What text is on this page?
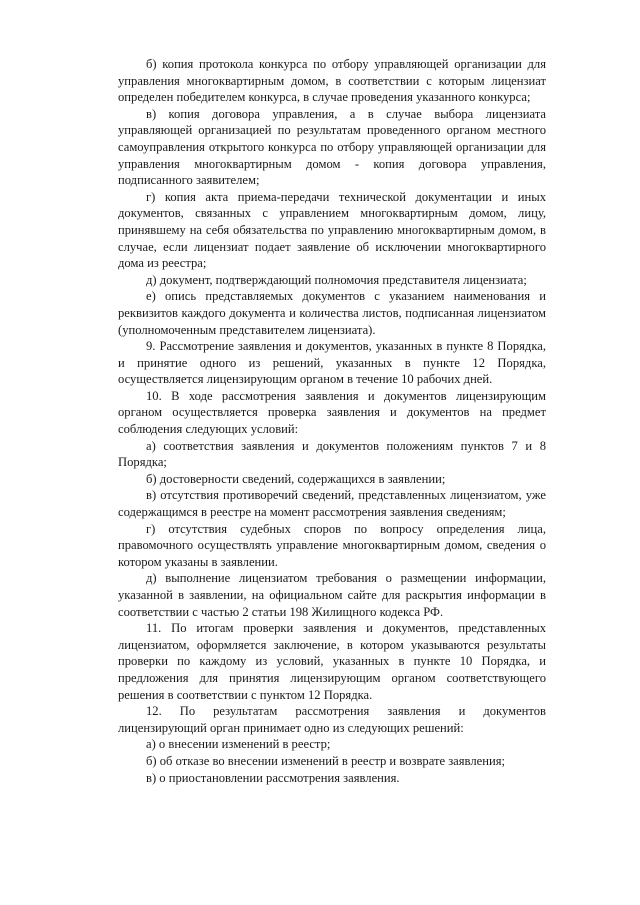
б) копия протокола конкурса по отбору управляющей организации для управления многоквартирным домом, в соответствии с которым лицензиат определен победителем конкурса, в случае проведения указанного конкурса;

в) копия договора управления, а в случае выбора лицензиата управляющей организацией по результатам проведенного органом местного самоуправления открытого конкурса по отбору управляющей организации для управления многоквартирным домом - копия договора управления, подписанного заявителем;

г) копия акта приема-передачи технической документации и иных документов, связанных с управлением многоквартирным домом, лицу, принявшему на себя обязательства по управлению многоквартирным домом, в случае, если лицензиат подает заявление об исключении многоквартирного дома из реестра;

д) документ, подтверждающий полномочия представителя лицензиата;

е) опись представляемых документов с указанием наименования и реквизитов каждого документа и количества листов, подписанная лицензиатом (уполномоченным представителем лицензиата).

9. Рассмотрение заявления и документов, указанных в пункте 8 Порядка, и принятие одного из решений, указанных в пункте 12 Порядка, осуществляется лицензирующим органом в течение 10 рабочих дней.

10. В ходе рассмотрения заявления и документов лицензирующим органом осуществляется проверка заявления и документов на предмет соблюдения следующих условий:

а) соответствия заявления и документов положениям пунктов 7 и 8 Порядка;

б) достоверности сведений, содержащихся в заявлении;

в) отсутствия противоречий сведений, представленных лицензиатом, уже содержащимся в реестре на момент рассмотрения заявления сведениям;

г) отсутствия судебных споров по вопросу определения лица, правомочного осуществлять управление многоквартирным домом, сведения о котором указаны в заявлении.

д) выполнение лицензиатом требования о размещении информации, указанной в заявлении, на официальном сайте для раскрытия информации в соответствии с частью 2 статьи 198 Жилищного кодекса РФ.

11. По итогам проверки заявления и документов, представленных лицензиатом, оформляется заключение, в котором указываются результаты проверки по каждому из условий, указанных в пункте 10 Порядка, и предложения для принятия лицензирующим органом соответствующего решения в соответствии с пунктом 12 Порядка.

12. По результатам рассмотрения заявления и документов лицензирующий орган принимает одно из следующих решений:

а) о внесении изменений в реестр;

б) об отказе во внесении изменений в реестр и возврате заявления;

в) о приостановлении рассмотрения заявления.
